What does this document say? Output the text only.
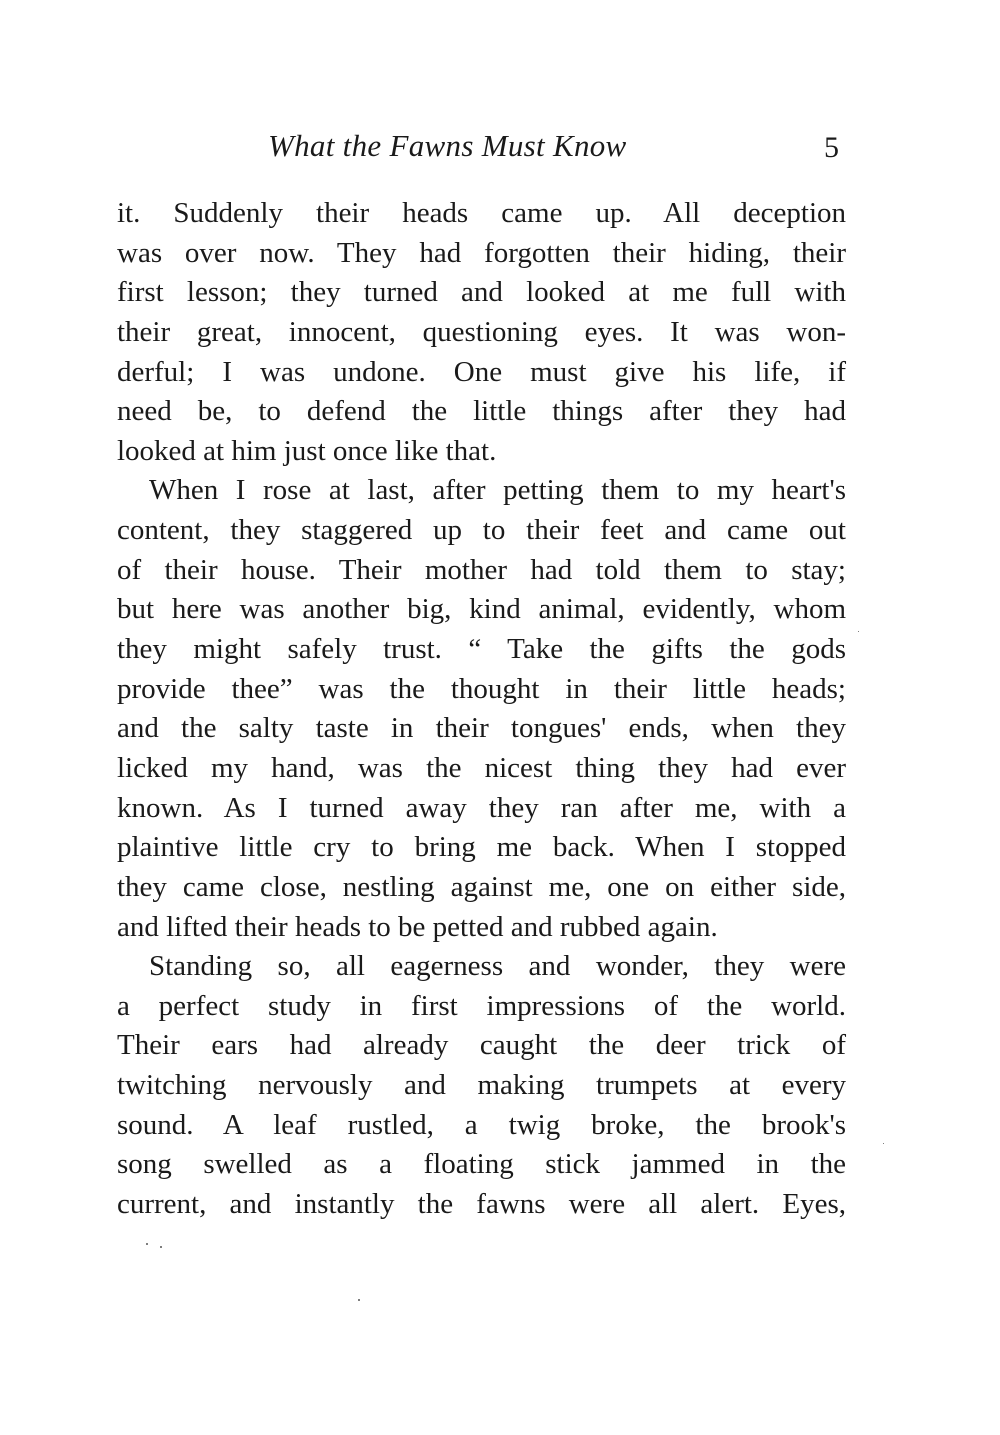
What the Fawns Must Know	5
it. Suddenly their heads came up. All deception
was over now. They had forgotten their hiding, their
first lesson; they turned and looked at me full with
their great, innocent, questioning eyes. It was won-
derful; I was undone. One must give his life, if
need be, to defend the little things after they had
looked at him just once like that.
When I rose at last, after petting them to my heart's
content, they staggered up to their feet and came out
of their house. Their mother had told them to stay;
but here was another big, kind animal, evidently, whom
they might safely trust. “ Take the gifts the gods
provide thee” was the thought in their little heads;
and the salty taste in their tongues' ends, when they
licked my hand, was the nicest thing they had ever
known. As I turned away they ran after me, with a
plaintive little cry to bring me back. When I stopped
they came close, nestling against me, one on either side,
and lifted their heads to be petted and rubbed again.
Standing so, all eagerness and wonder, they were
a perfect study in first impressions of the world.
Their ears had already caught the deer trick of
twitching nervously and making trumpets at every
sound. A leaf rustled, a twig broke, the brook's
song swelled as a floating stick jammed in the
current, and instantly the fawns were all alert. Eyes,
